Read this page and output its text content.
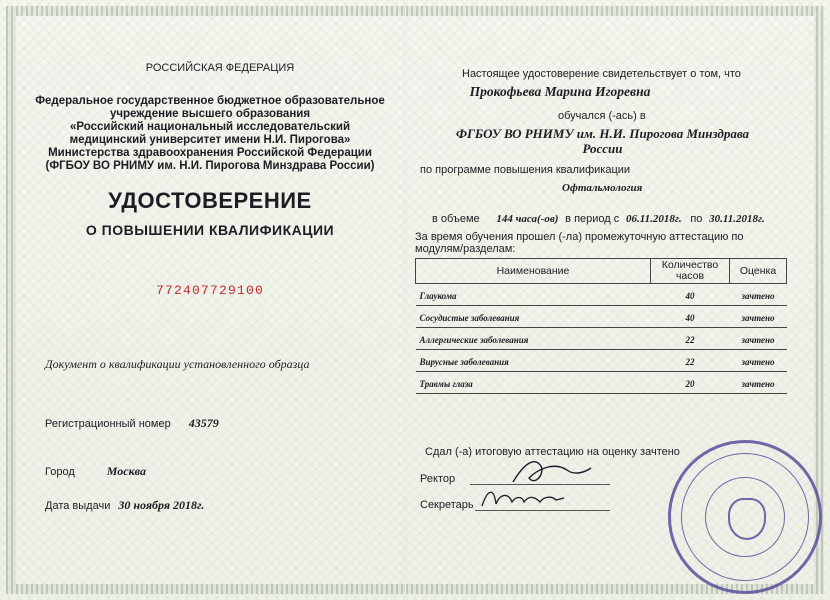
РОССИЙСКАЯ ФЕДЕРАЦИЯ
Федеральное государственное бюджетное образовательное
учреждение высшего образования
«Российский национальный исследовательский
медицинский университет имени Н.И. Пирогова»
Министерства здравоохранения Российской Федерации
(ФГБОУ ВО РНИМУ им. Н.И. Пирогова Минздрава России)
УДОСТОВЕРЕНИЕ
О ПОВЫШЕНИИ КВАЛИФИКАЦИИ
772407729100
Документ о квалификации установленного образца
Регистрационный номер 43579
Город	Москва
Дата выдачи 30 ноября 2018г.
Настоящее удостоверение свидетельствует о том, что
Прокофьева Марина Игоревна
обучался (-ась) в
ФГБОУ ВО РНИМУ им. Н.И. Пирогова Минздрава
России
по программе повышения квалификации
Офтальмология
в объеме 144 часа(-ов) в период с 06.11.2018г. по 30.11.2018г.
За время обучения прошел (-ла) промежуточную аттестацию по
модулям/разделам:
Наименование	Количество часов	Оценка
Глаукома	40	зачтено
Сосудистые заболевания	40	зачтено
Аллергические заболевания	22	зачтено
Вирусные заболевания	22	зачтено
Травмы глаза	20	зачтено
Сдал (-а) итоговую аттестацию на оценку зачтено
Ректор
Секретарь
